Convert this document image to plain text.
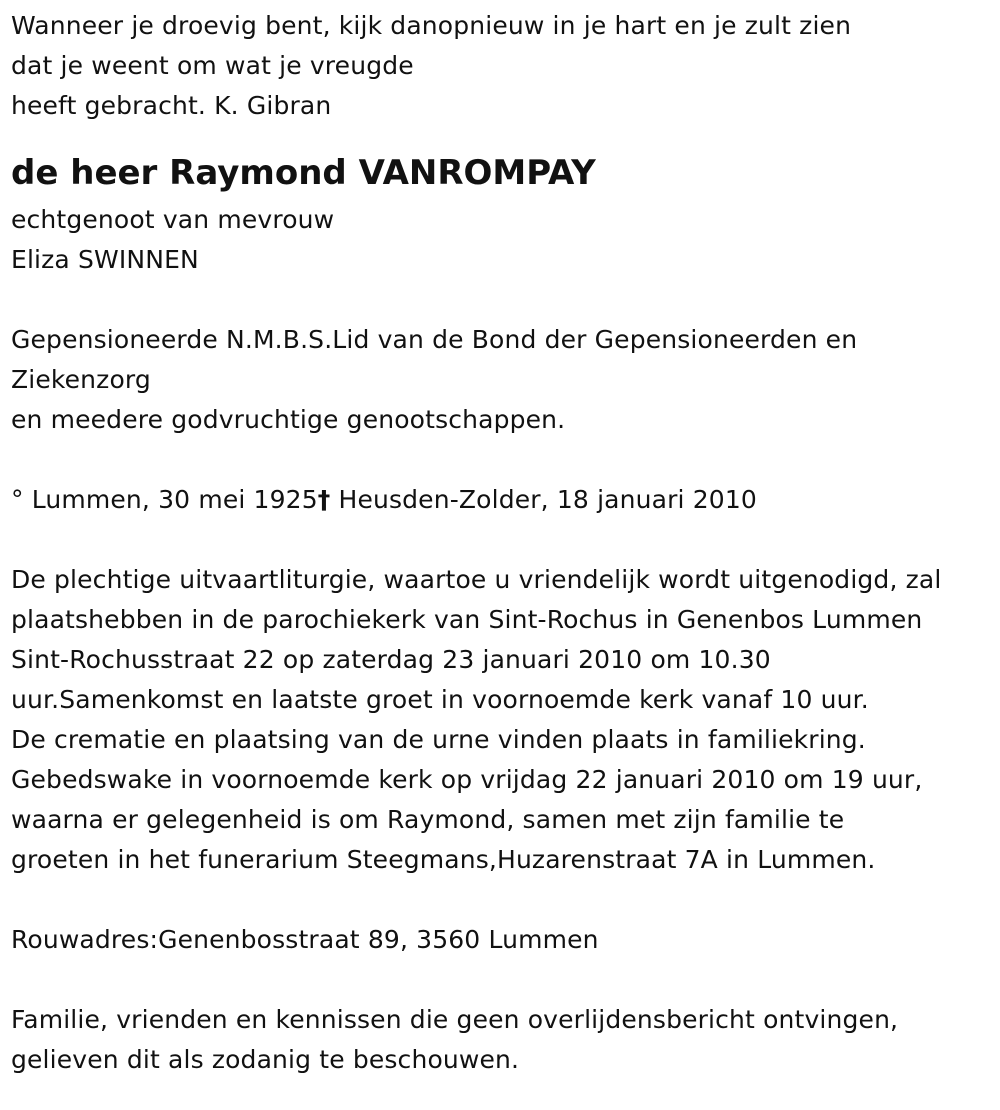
Wanneer je droevig bent, kijk danopnieuw in je hart en je zult zien
dat je weent om wat je vreugde
heeft gebracht. K. Gibran
de heer Raymond VANROMPAY
echtgenoot van mevrouw
Eliza SWINNEN
Gepensioneerde N.M.B.S.Lid van de Bond der Gepensioneerden en
Ziekenzorg
en meedere godvruchtige genootschappen.
° Lummen, 30 mei 1925† Heusden-Zolder, 18 januari 2010
De plechtige uitvaartliturgie, waartoe u vriendelijk wordt uitgenodigd, zal
plaatshebben in de parochiekerk van Sint-Rochus in Genenbos Lummen
Sint-Rochusstraat 22 op zaterdag 23 januari 2010 om 10.30
uur.Samenkomst en laatste groet in voornoemde kerk vanaf 10 uur.
De crematie en plaatsing van de urne vinden plaats in familiekring.
Gebedswake in voornoemde kerk op vrijdag 22 januari 2010 om 19 uur,
waarna er gelegenheid is om Raymond, samen met zijn familie te
groeten in het funerarium Steegmans,Huzarenstraat 7A in Lummen.
Rouwadres:Genenbosstraat 89, 3560 Lummen
Familie, vrienden en kennissen die geen overlijdensbericht ontvingen,
gelieven dit als zodanig te beschouwen.
